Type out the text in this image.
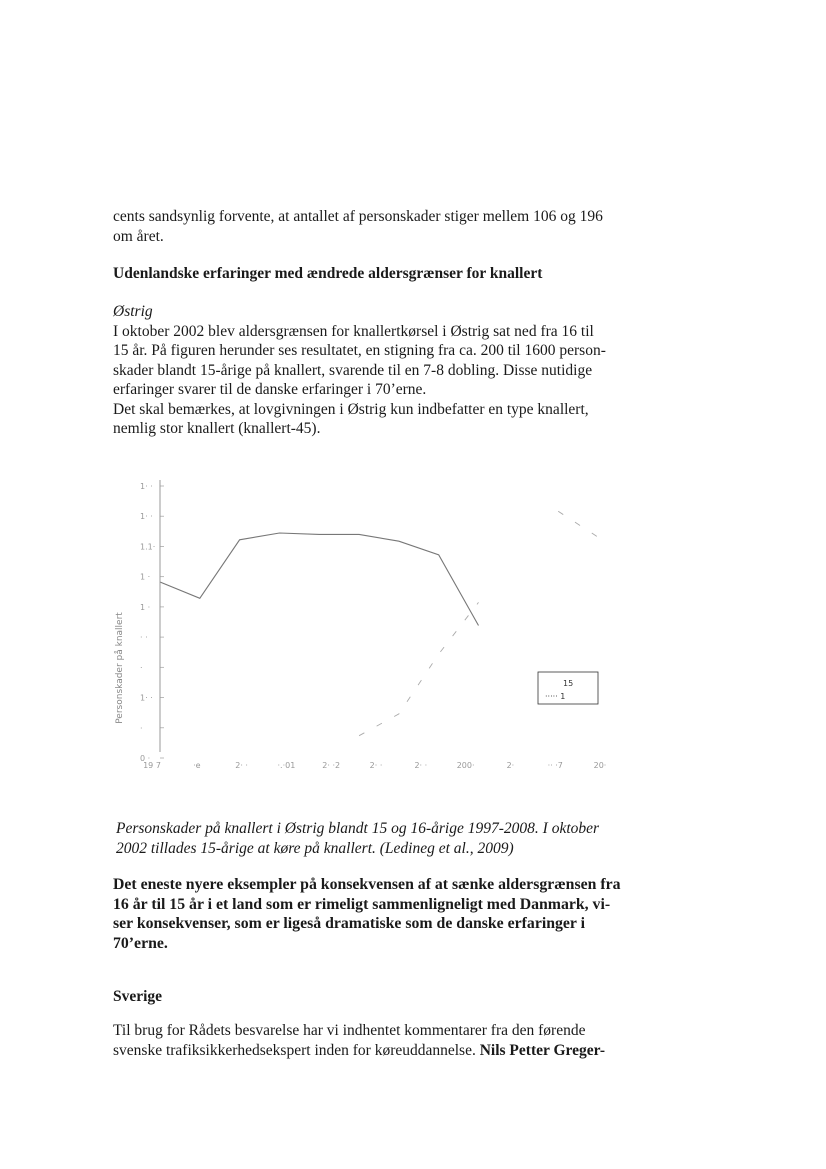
cents sandsynlig forvente, at antallet af personskader stiger mellem 106 og 196

om året.

Udenlandske erfaringer med ændrede aldersgrænser for knallert

Østrig

I oktober 2002 blev aldersgrænsen for knallertkørsel i Østrig sat ned fra 16 til

15 år. På figuren herunder ses resultatet, en stigning fra ca. 200 til 1600 person-

skader blandt 15-årige på knallert, svarende til en 7-8 dobling. Disse nutidige

erfaringer svarer til de danske erfaringer i 70’erne.

Det skal bemærkes, at lovgivningen i Østrig kun indbefatter en type knallert,

nemlig stor knallert (knallert-45).

Personskader på knallert
1· ·
1· ·
1.1·
1 ·
1 ·
· ·
·
1· ·
·
0 ·
19 7	·e	2· ·	·.·01	2· ·2	2· ·	2· ·	200·	2·	·· ·7	20·
15
····· 1

Personskader på knallert i Østrig blandt 15 og 16-årige 1997-2008. I oktober

2002 tillades 15-årige at køre på knallert. (Ledineg et al., 2009)

Det eneste nyere eksempler på konsekvensen af at sænke aldersgrænsen fra

16 år til 15 år i et land som er rimeligt sammenligneligt med Danmark, vi-

ser konsekvenser, som er ligeså dramatiske som de danske erfaringer i

70’erne.

Sverige

Til brug for Rådets besvarelse har vi indhentet kommentarer fra den førende

svenske trafiksikkerhedsekspert inden for køreuddannelse. Nils Petter Greger-
